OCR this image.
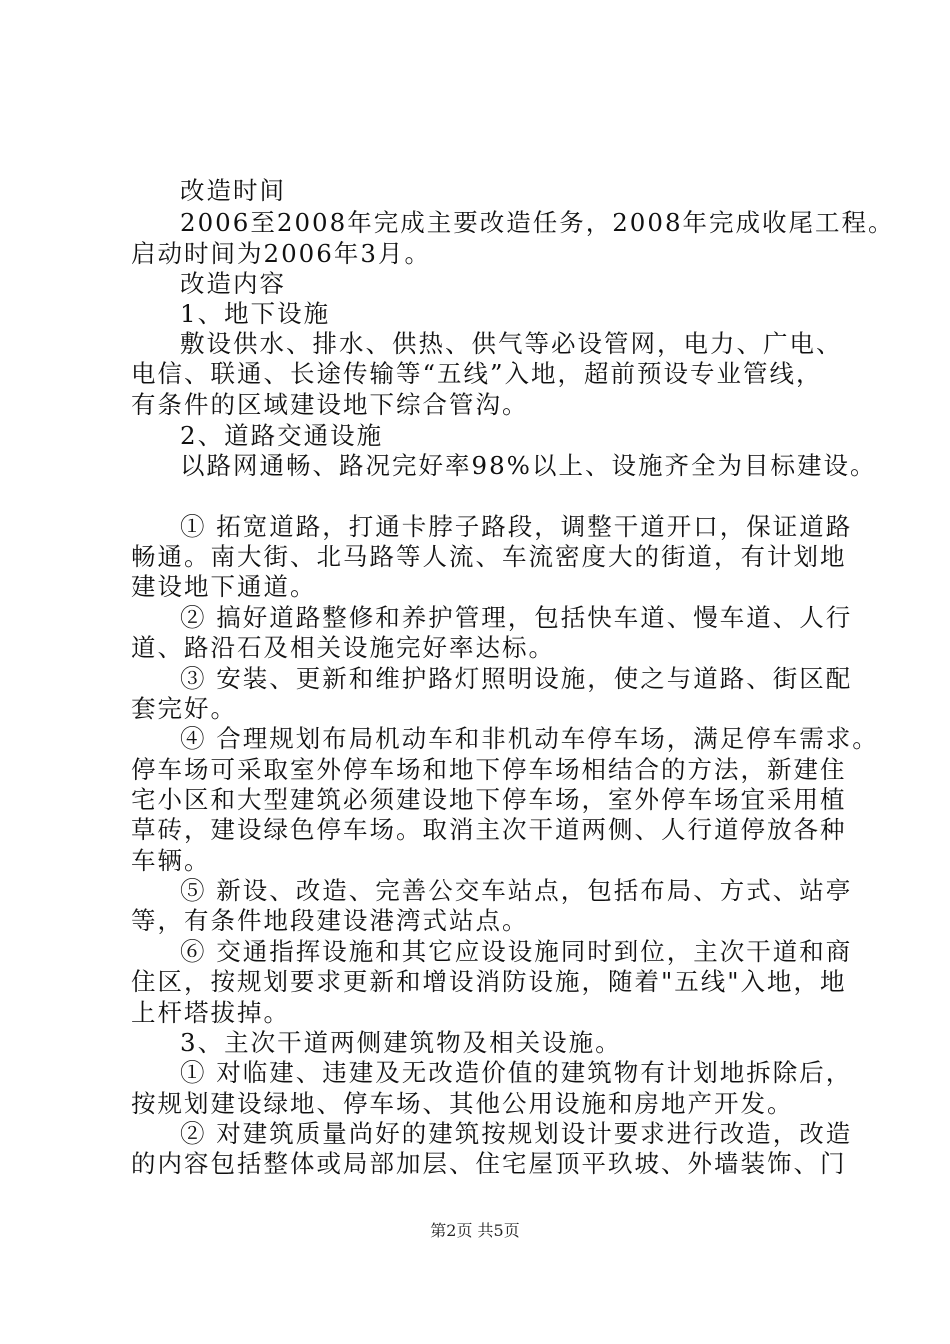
改造时间
2006至2008年完成主要改造任务，2008年完成收尾工程。
启动时间为2006年3月。
改造内容
1、地下设施
敷设供水、排水、供热、供气等必设管网，电力、广电、
电信、联通、长途传输等“五线”入地，超前预设专业管线，
有条件的区域建设地下综合管沟。
2、道路交通设施
以路网通畅、路况完好率98%以上、设施齐全为目标建设。
① 拓宽道路，打通卡脖子路段，调整干道开口，保证道路
畅通。南大街、北马路等人流、车流密度大的街道，有计划地
建设地下通道。
② 搞好道路整修和养护管理，包括快车道、慢车道、人行
道、路沿石及相关设施完好率达标。
③ 安装、更新和维护路灯照明设施，使之与道路、街区配
套完好。
④ 合理规划布局机动车和非机动车停车场，满足停车需求。
停车场可采取室外停车场和地下停车场相结合的方法，新建住
宅小区和大型建筑必须建设地下停车场，室外停车场宜采用植
草砖，建设绿色停车场。取消主次干道两侧、人行道停放各种
车辆。
⑤ 新设、改造、完善公交车站点，包括布局、方式、站亭
等，有条件地段建设港湾式站点。
⑥ 交通指挥设施和其它应设设施同时到位，主次干道和商
住区，按规划要求更新和增设消防设施，随着"五线"入地，地
上杆塔拔掉。
3、主次干道两侧建筑物及相关设施。
① 对临建、违建及无改造价值的建筑物有计划地拆除后，
按规划建设绿地、停车场、其他公用设施和房地产开发。
② 对建筑质量尚好的建筑按规划设计要求进行改造，改造
的内容包括整体或局部加层、住宅屋顶平玖坡、外墙装饰、门
第2页 共5页
